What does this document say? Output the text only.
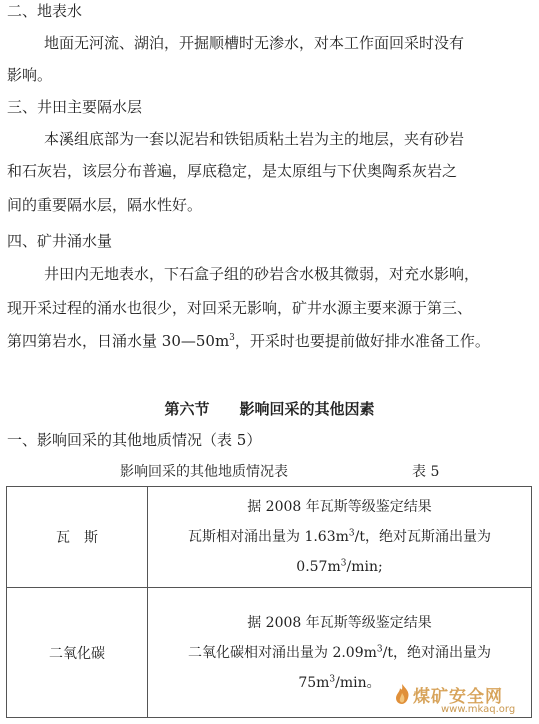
二、地表水
地面无河流、湖泊，开掘顺槽时无渗水，对本工作面回采时没有
影响。
三、井田主要隔水层
本溪组底部为一套以泥岩和铁铝质粘土岩为主的地层，夹有砂岩
和石灰岩，该层分布普遍，厚底稳定，是太原组与下伏奥陶系灰岩之
间的重要隔水层，隔水性好。
四、矿井涌水量
井田内无地表水，下石盒子组的砂岩含水极其微弱，对充水影响，
现开采过程的涌水也很少，对回采无影响，矿井水源主要来源于第三、
第四第岩水，日涌水量 $30—50m^3$，开采时也要提前做好排水准备工作。
第六节　　影响回采的其他因素
一、影响回采的其他地质情况（表 5）
影响回采的其他地质情况表	表 5
瓦　斯	据 2008 年瓦斯等级鉴定结果
瓦斯相对涌出量为 $1.63m^3/t$，绝对瓦斯涌出量为
$0.57m^3/\min$;

二氧化碳	据 2008 年瓦斯等级鉴定结果
二氧化碳相对涌出量为 $2.09m^3/t$，绝对涌出量为
$75m^3/\min$。
煤矿安全网
www.mkaq.org
